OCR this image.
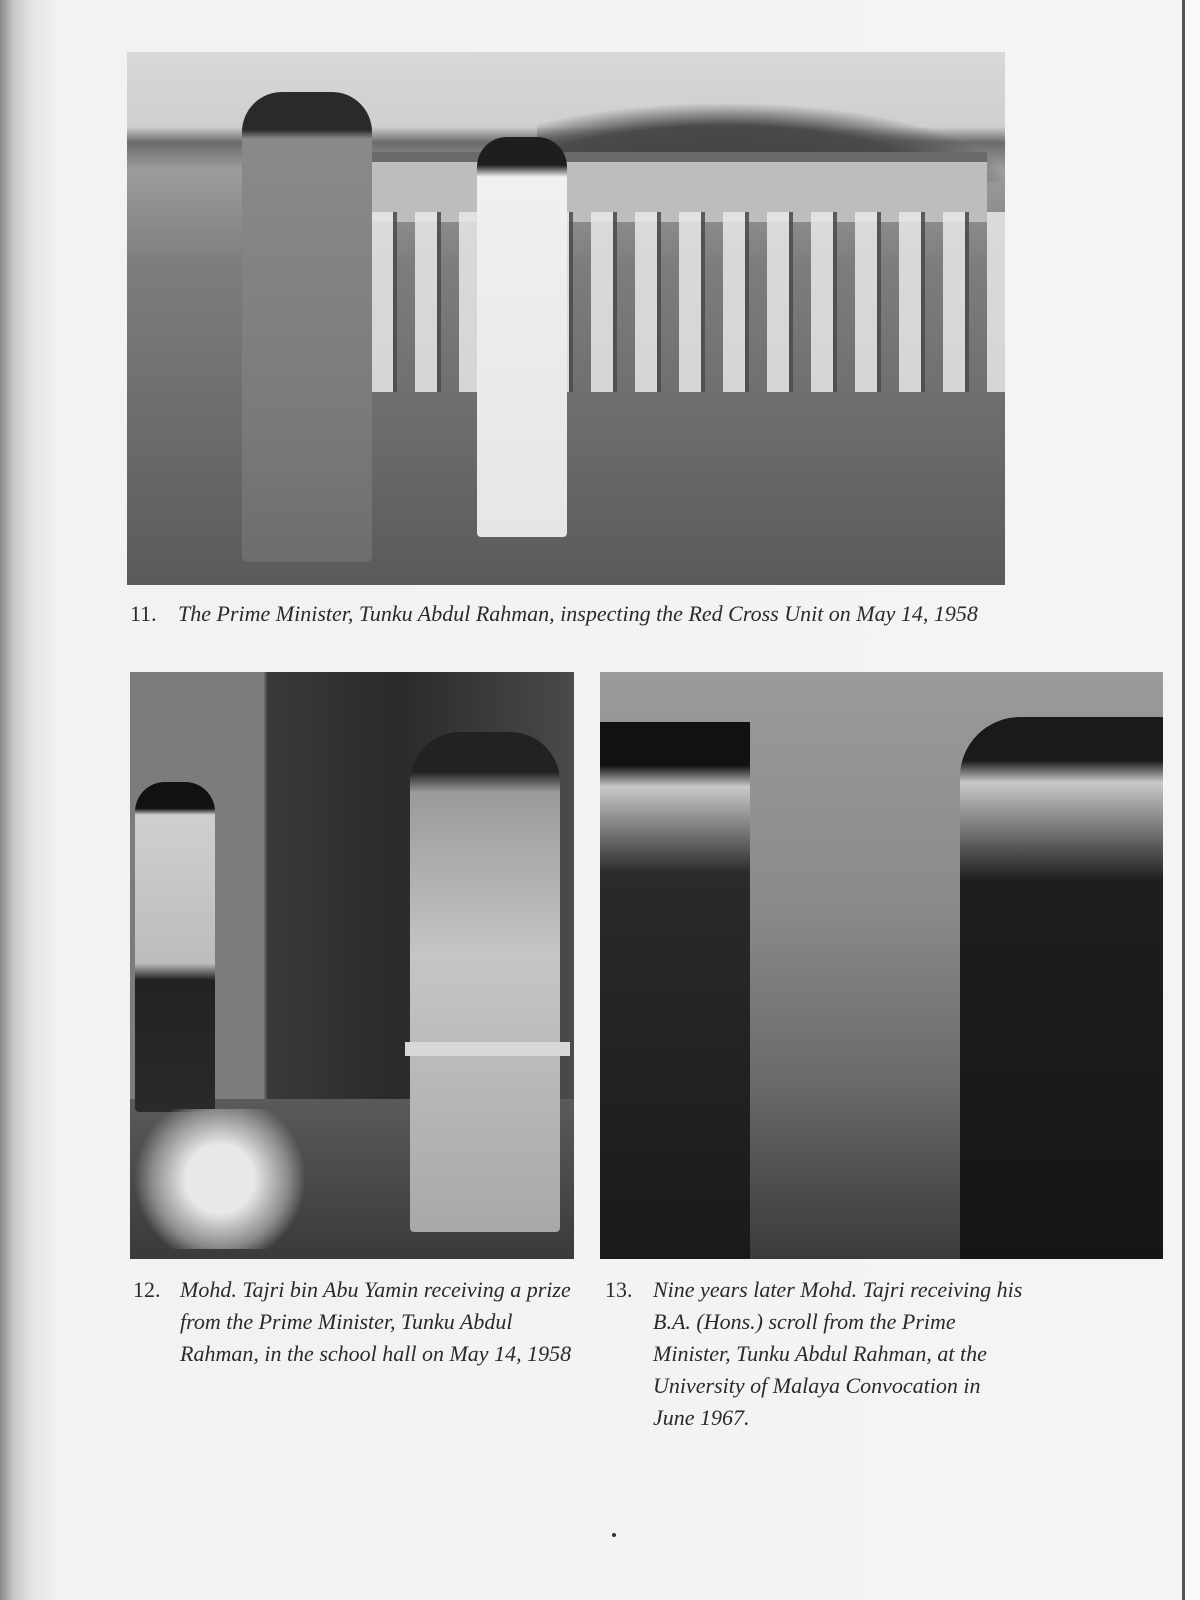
11. The Prime Minister, Tunku Abdul Rahman, inspecting the Red Cross Unit on May 14, 1958
12. Mohd. Tajri bin Abu Yamin receiving a prize from the Prime Minister, Tunku Abdul Rahman, in the school hall on May 14, 1958
13. Nine years later Mohd. Tajri receiving his B.A. (Hons.) scroll from the Prime Minister, Tunku Abdul Rahman, at the University of Malaya Convocation in June 1967.
